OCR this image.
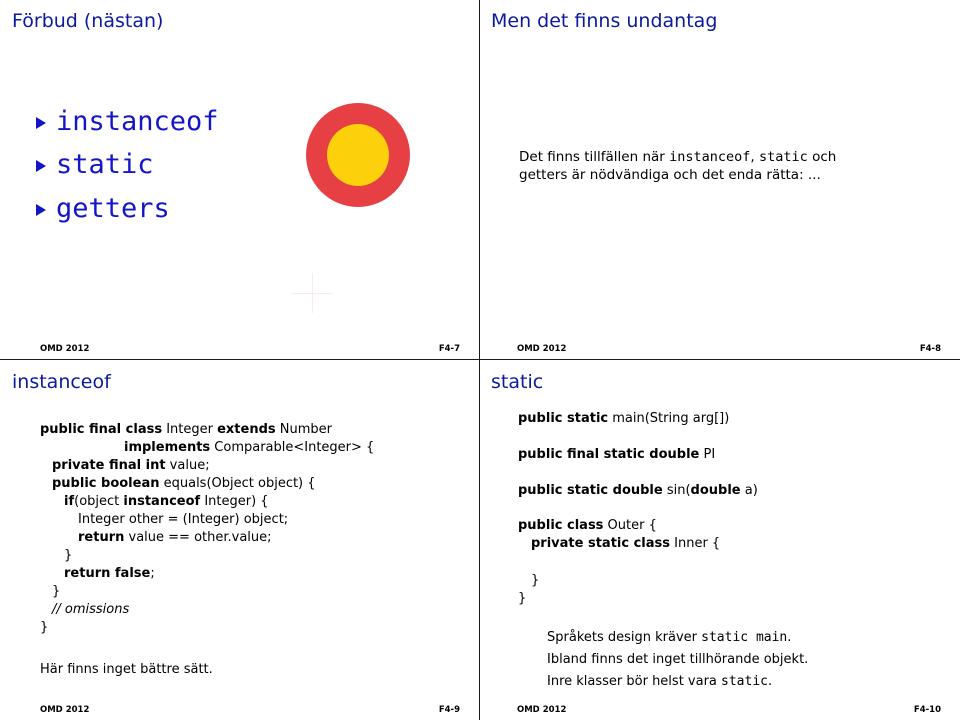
Förbud (nästan)
instanceof
static
getters
OMD 2012	F4-7
Men det finns undantag
Det finns tillfällen när instanceof, static och getters är nödvändiga och det enda rätta: ...
OMD 2012	F4-8
instanceof
public final class Integer extends Number
implements Comparable<Integer> {
private final int value;
public boolean equals(Object object) {
if(object instanceof Integer) {
Integer other = (Integer) object;
return value == other.value;
}
return false;
}
// omissions
}
Här finns inget bättre sätt.
OMD 2012	F4-9
static
public static main(String arg[])
public final static double PI
public static double sin(double a)
public class Outer {
private static class Inner {
}
}
Språkets design kräver static main.
Ibland finns det inget tillhörande objekt.
Inre klasser bör helst vara static.
OMD 2012	F4-10
